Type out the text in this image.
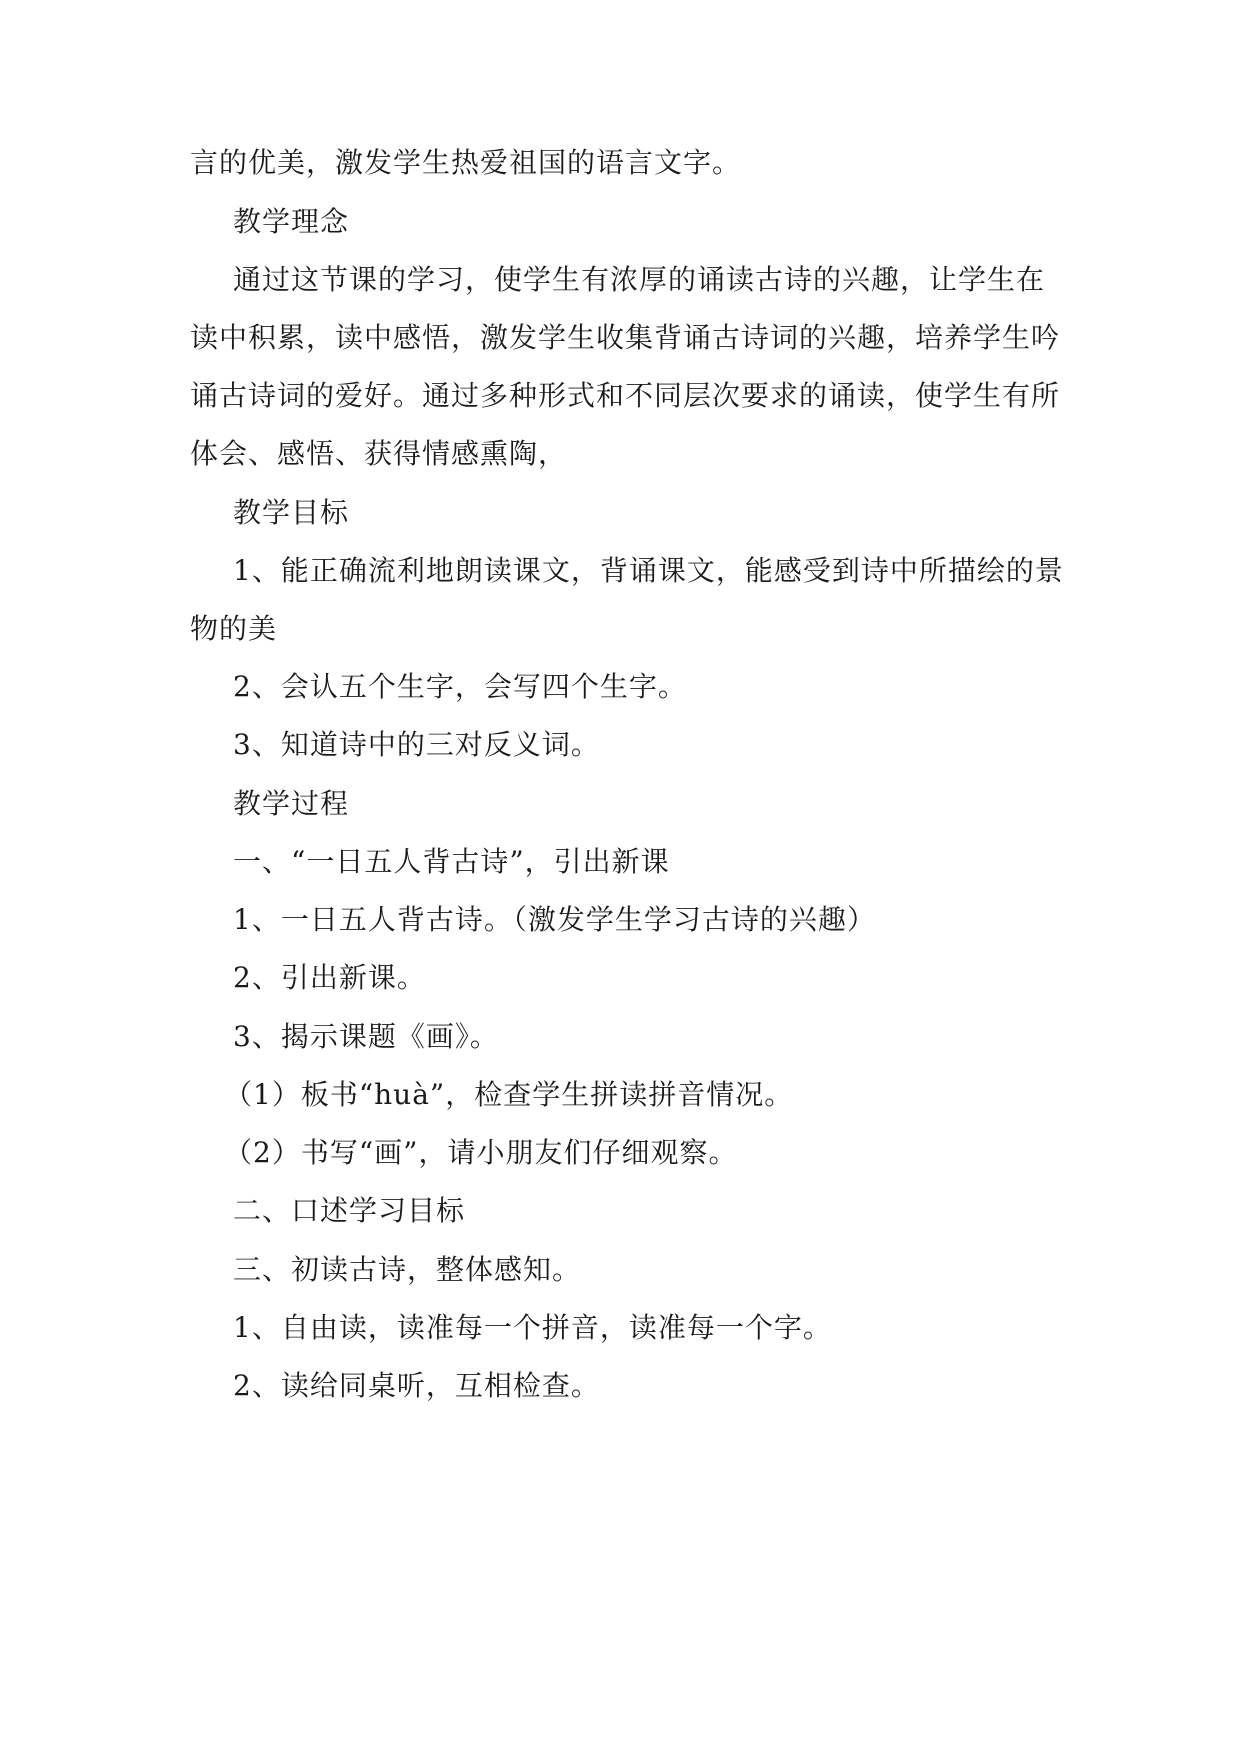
言的优美，激发学生热爱祖国的语言文字。
教学理念
通过这节课的学习，使学生有浓厚的诵读古诗的兴趣，让学生在
读中积累，读中感悟，激发学生收集背诵古诗词的兴趣，培养学生吟
诵古诗词的爱好。通过多种形式和不同层次要求的诵读，使学生有所
体会、感悟、获得情感熏陶，
教学目标
1、能正确流利地朗读课文，背诵课文，能感受到诗中所描绘的景
物的美
2、会认五个生字，会写四个生字。
3、知道诗中的三对反义词。
教学过程
一、“一日五人背古诗”，引出新课
1、一日五人背古诗。（激发学生学习古诗的兴趣）
2、引出新课。
3、揭示课题《画》。
（1）板书“huà”，检查学生拼读拼音情况。
（2）书写“画”，请小朋友们仔细观察。
二、口述学习目标
三、初读古诗，整体感知。
1、自由读，读准每一个拼音，读准每一个字。
2、读给同桌听，互相检查。
